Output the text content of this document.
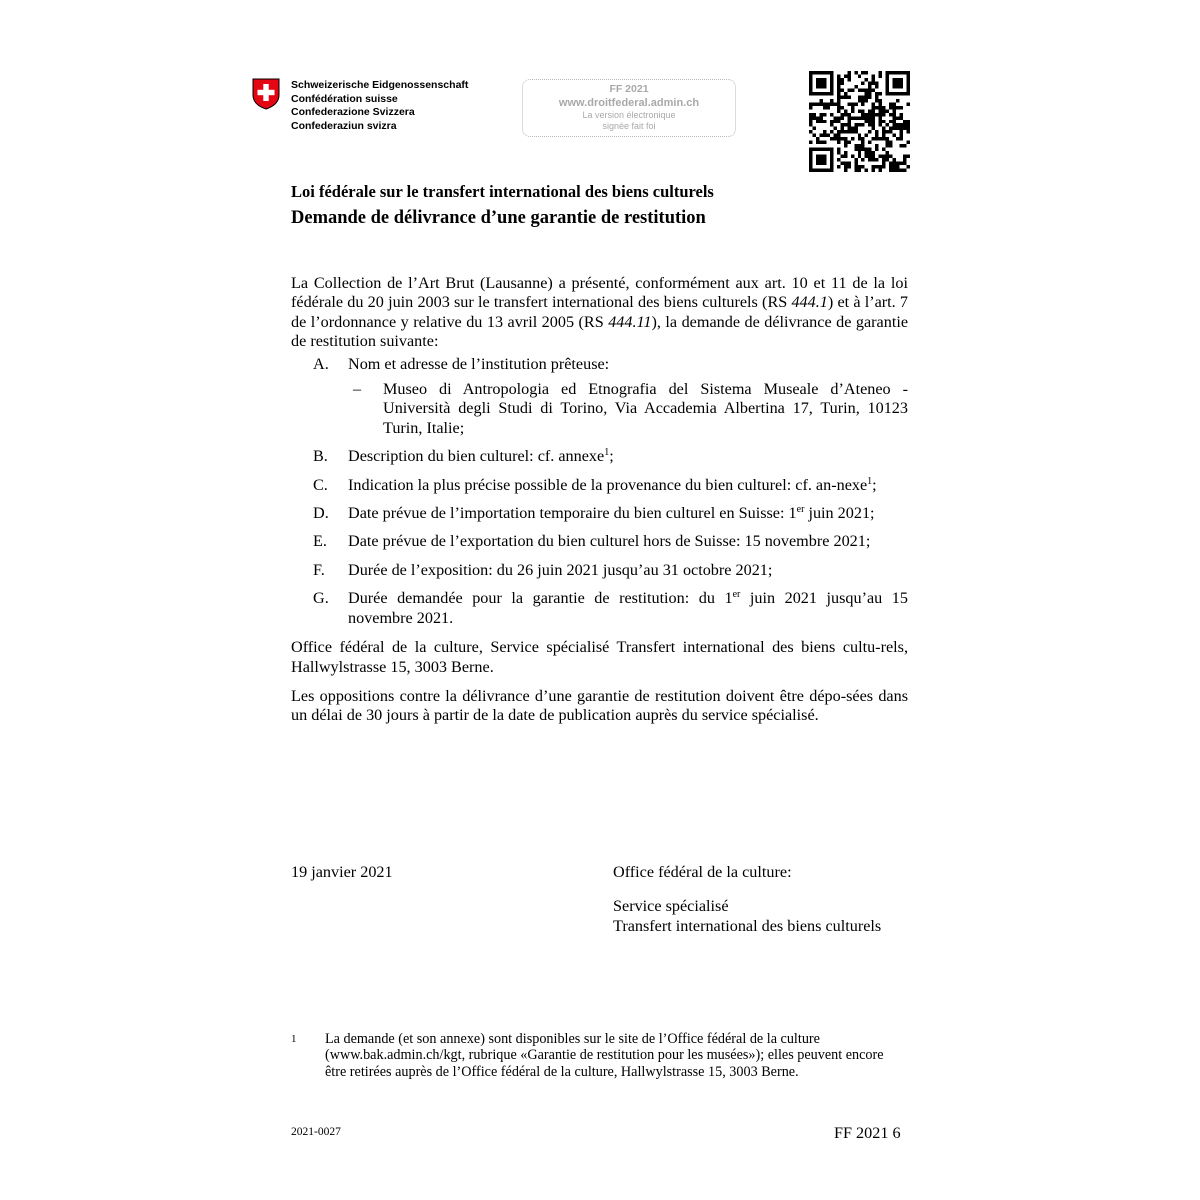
Schweizerische Eidgenossenschaft
Confédération suisse
Confederazione Svizzera
Confederaziun svizra
FF 2021
www.droitfederal.admin.ch
La version électronique
signée fait foi
Loi fédérale sur le transfert international des biens culturels
Demande de délivrance d’une garantie de restitution

La Collection de l’Art Brut (Lausanne) a présenté, conformément aux art. 10 et 11 de la loi fédérale du 20 juin 2003 sur le transfert international des biens culturels (RS 444.1) et à l’art. 7 de l’ordonnance y relative du 13 avril 2005 (RS 444.11), la demande de délivrance de garantie de restitution suivante:

A.	Nom et adresse de l’institution prêteuse:
–	Museo di Antropologia ed Etnografia del Sistema Museale d’Ateneo - Università degli Studi di Torino, Via Accademia Albertina 17, Turin, 10123 Turin, Italie;
B.	Description du bien culturel: cf. annexe$^1$;
C.	Indication la plus précise possible de la provenance du bien culturel: cf. an-nexe$^1$;
D.	Date prévue de l’importation temporaire du bien culturel en Suisse: 1er juin 2021;
E.	Date prévue de l’exportation du bien culturel hors de Suisse: 15 novembre 2021;
F.	Durée de l’exposition: du 26 juin 2021 jusqu’au 31 octobre 2021;
G.	Durée demandée pour la garantie de restitution: du 1er juin 2021 jusqu’au 15 novembre 2021.

Office fédéral de la culture, Service spécialisé Transfert international des biens cultu-rels, Hallwylstrasse 15, 3003 Berne.

Les oppositions contre la délivrance d’une garantie de restitution doivent être dépo-sées dans un délai de 30 jours à partir de la date de publication auprès du service spécialisé.

19 janvier 2021	Office fédéral de la culture:
Service spécialisé
Transfert international des biens culturels
1	La demande (et son annexe) sont disponibles sur le site de l’Office fédéral de la culture (www.bak.admin.ch/kgt, rubrique «Garantie de restitution pour les musées»); elles peuvent encore être retirées auprès de l’Office fédéral de la culture, Hallwylstrasse 15, 3003 Berne.
2021-0027	FF 2021 6
